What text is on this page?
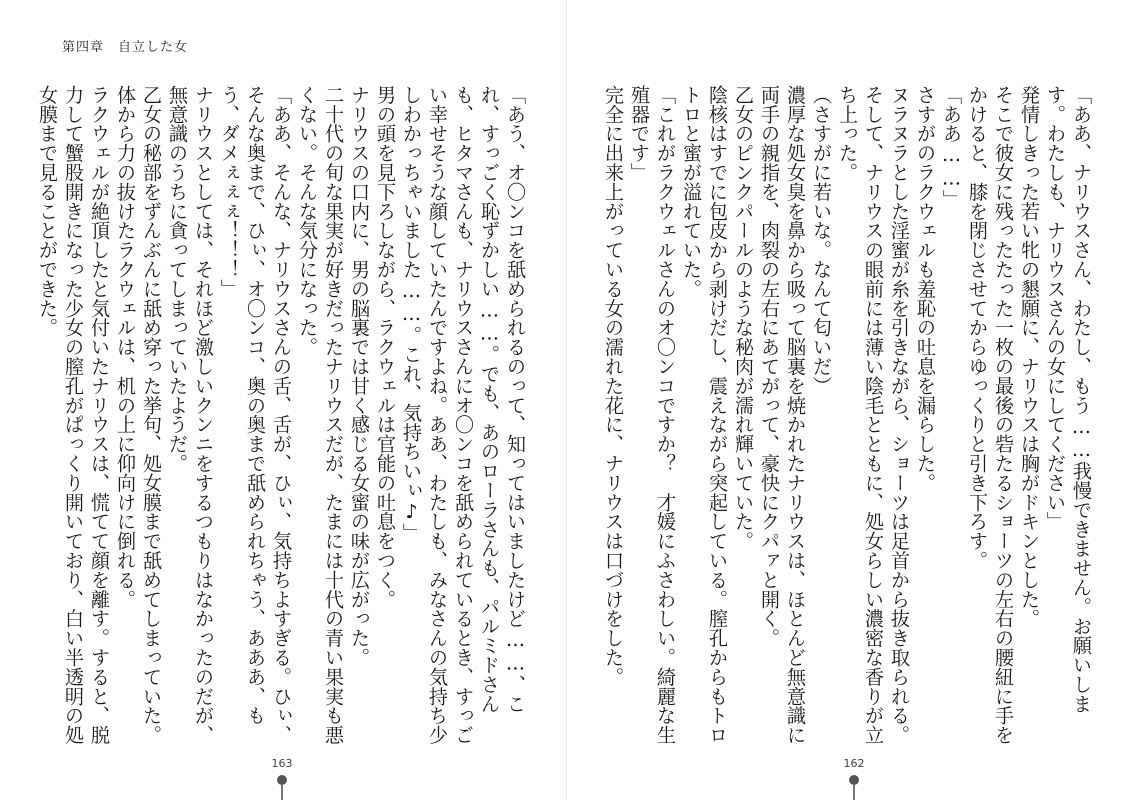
第四章　自立した女
「あう、オ〇ンコを舐められるのって、知ってはいましたけど……、これ、すっごく恥ずかしい……。でも、あのローラさんも、パルミドさんも、ヒタマさんも、ナリウスさんにオ〇ンコを舐められているとき、すっごい幸せそうな顔していたんですよね。ああ、わたしも、みなさんの気持ち少しわかっちゃいました……。これ、気持ちいぃ♪」
男の頭を見下ろしながら、ラクウェルは官能の吐息をつく。
ナリウスの口内に、男の脳裏では甘く感じる女蜜の味が広がった。
二十代の旬な果実が好きだったナリウスだが、たまには十代の青い果実も悪くない。そんな気分になった。
「ああ、そんな、ナリウスさんの舌、舌が、ひぃ、気持ちよすぎる。ひぃ、そんな奥まで、ひぃ、オ〇ンコ、奥の奥まで舐められちゃう、あああ、もう、ダメぇぇぇ！！！」
ナリウスとしては、それほど激しいクンニをするつもりはなかったのだが、無意識のうちに貪ってしまっていたようだ。
乙女の秘部をずんぶんに舐め穿った挙句、処女膜まで舐めてしまっていた。
体から力の抜けたラクウェルは、机の上に仰向けに倒れる。
ラクウェルが絶頂したと気付いたナリウスは、慌てて顔を離す。すると、脱力して蟹股開きになった少女の膣孔がぱっくり開いており、白い半透明の処女膜まで見ることができた。
163
「ああ、ナリウスさん、わたし、もう……我慢できません。お願いします。わたしも、ナリウスさんの女にしてください」
発情しきった若い牝の懇願に、ナリウスは胸がドキンとした。
そこで彼女に残ったたった一枚の最後の砦たるショーツの左右の腰紐に手をかけると、膝を閉じさせてからゆっくりと引き下ろす。
「ああ……」
さすがのラクウェルも羞恥の吐息を漏らした。
ヌラヌラとした淫蜜が糸を引きながら、ショーツは足首から抜き取られる。
そして、ナリウスの眼前には薄い陰毛とともに、処女らしい濃密な香りが立ち上った。
（さすがに若いな。なんて匂いだ）
濃厚な処女臭を鼻から吸って脳裏を焼かれたナリウスは、ほとんど無意識に両手の親指を、肉裂の左右にあてがって、豪快にクパァと開く。
乙女のピンクパールのような秘肉が濡れ輝いていた。
陰核はすでに包皮から剥けだし、震えながら突起している。膣孔からもトロトロと蜜が溢れていた。
「これがラクウェルさんのオ〇ンコですか？　才媛にふさわしい。綺麗な生殖器です」
完全に出来上がっている女の濡れた花に、ナリウスは口づけをした。
162
